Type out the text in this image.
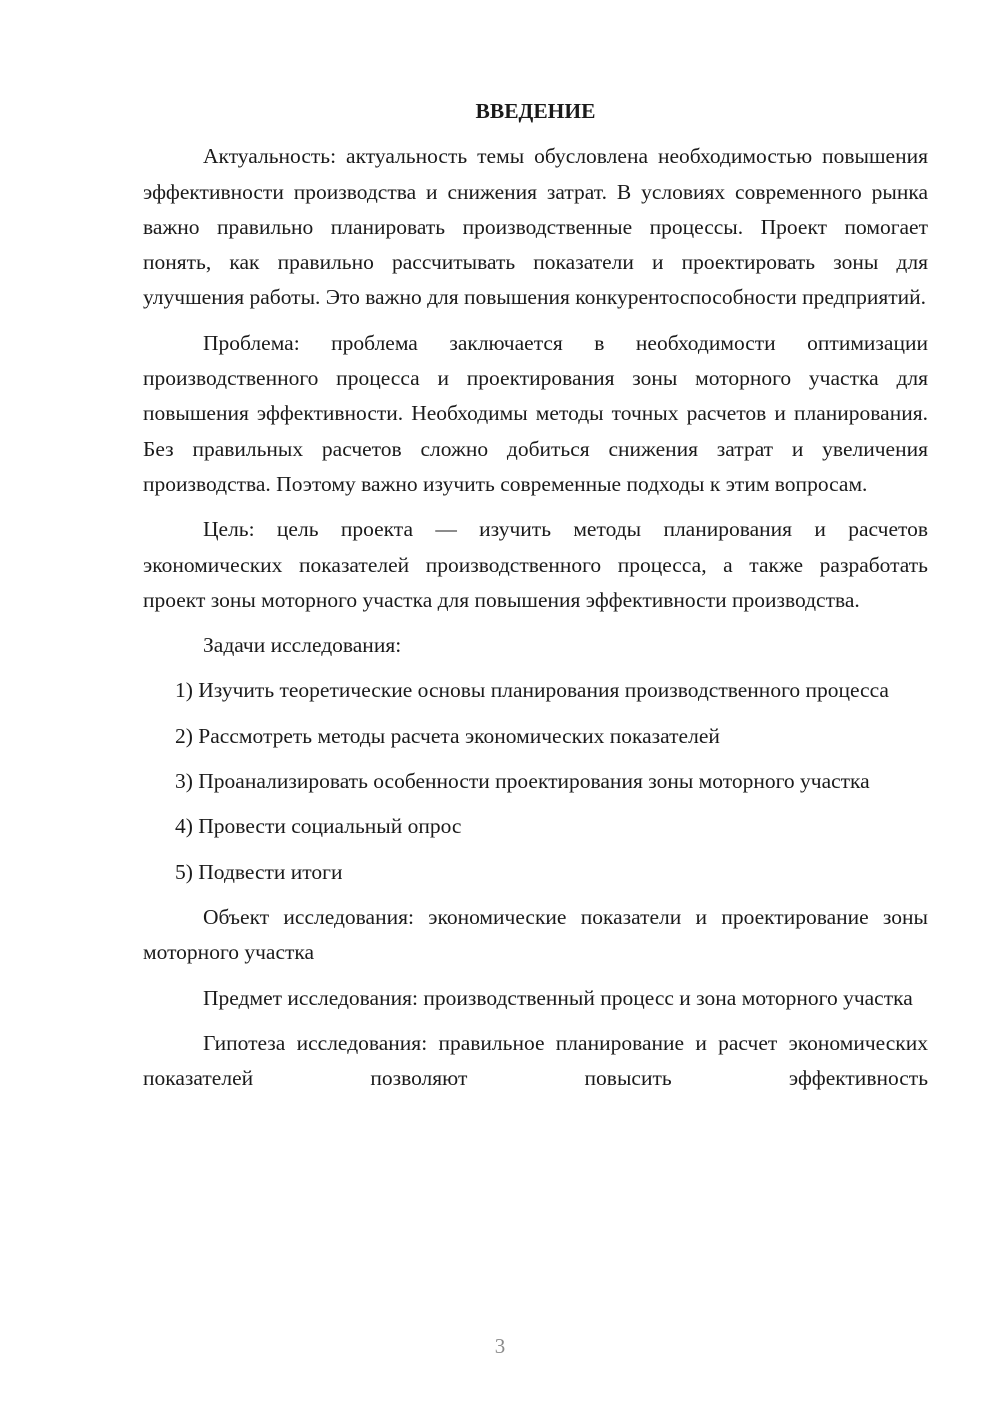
ВВЕДЕНИЕ

Актуальность: актуальность темы обусловлена необходимостью повышения эффективности производства и снижения затрат. В условиях современного рынка важно правильно планировать производственные процессы. Проект помогает понять, как правильно рассчитывать показатели и проектировать зоны для улучшения работы. Это важно для повышения конкурентоспособности предприятий.

Проблема: проблема заключается в необходимости оптимизации производственного процесса и проектирования зоны моторного участка для повышения эффективности. Необходимы методы точных расчетов и планирования. Без правильных расчетов сложно добиться снижения затрат и увеличения производства. Поэтому важно изучить современные подходы к этим вопросам.

Цель: цель проекта — изучить методы планирования и расчетов экономических показателей производственного процесса, а также разработать проект зоны моторного участка для повышения эффективности производства.

Задачи исследования:

1) Изучить теоретические основы планирования производственного процесса

2) Рассмотреть методы расчета экономических показателей

3) Проанализировать особенности проектирования зоны моторного участка

4) Провести социальный опрос

5) Подвести итоги

Объект исследования: экономические показатели и проектирование зоны моторного участка

Предмет исследования: производственный процесс и зона моторного участка

Гипотеза исследования: правильное планирование и расчет экономических показателей позволяют повысить эффективность

3
